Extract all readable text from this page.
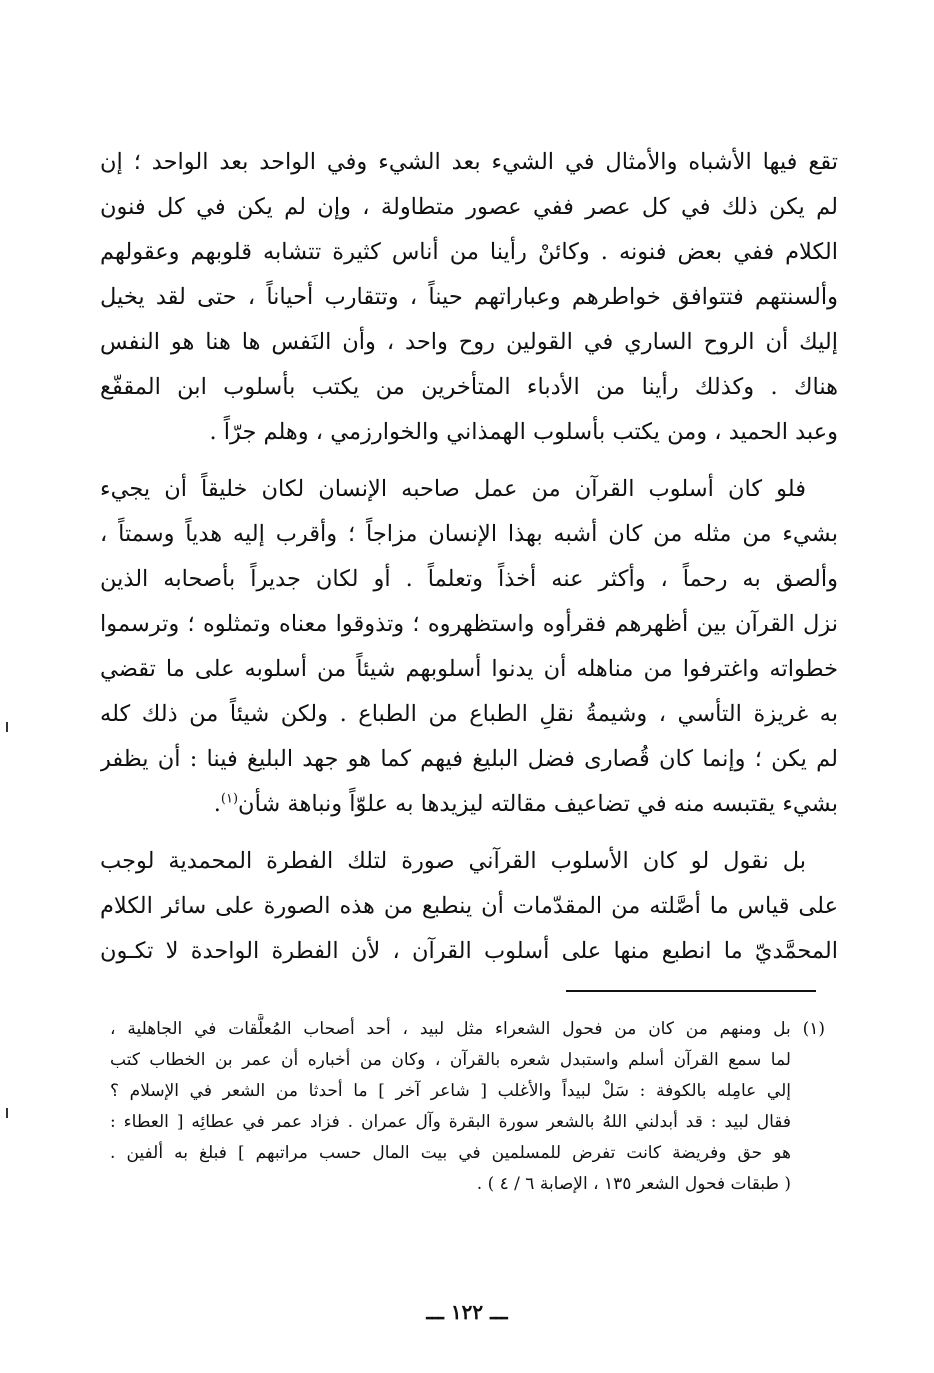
تقع فيها الأشباه والأمثال في الشيء بعد الشيء وفي الواحد بعد الواحد ؛ إن
لم يكن ذلك في كل عصر ففي عصور متطاولة ، وإن لم يكن في كل فنون
الكلام ففي بعض فنونه . وكائنْ رأينا من أناس كثيرة تتشابه قلوبهم وعقولهم
وألسنتهم فتتوافق خواطرهم وعباراتهم حيناً ، وتتقارب أحياناً ، حتى لقد يخيل
إليك أن الروح الساري في القولين روح واحد ، وأن النَفس ها هنا هو النفس
هناك . وكذلك رأينا من الأدباء المتأخرين من يكتب بأسلوب ابن المقفّع
وعبد الحميد ، ومن يكتب بأسلوب الهمذاني والخوارزمي ، وهلم جرّاً .

فلو كان أسلوب القرآن من عمل صاحبه الإنسان لكان خليقاً أن يجيء
بشيء من مثله من كان أشبه بهذا الإنسان مزاجاً ؛ وأقرب إليه هدياً وسمتاً ،
وألصق به رحماً ، وأكثر عنه أخذاً وتعلماً . أو لكان جديراً بأصحابه الذين
نزل القرآن بين أظهرهم فقرأوه واستظهروه ؛ وتذوقوا معناه وتمثلوه ؛ وترسموا
خطواته واغترفوا من مناهله أن يدنوا أسلوبهم شيئاً من أسلوبه على ما تقضي
به غريزة التأسي ، وشيمةُ نقلِ الطباع من الطباع . ولكن شيئاً من ذلك كله
لم يكن ؛ وإنما كان قُصارى فضل البليغ فيهم كما هو جهد البليغ فينا : أن يظفر
بشيء يقتبسه منه في تضاعيف مقالته ليزيدها به علوّاً ونباهة شأن$^{(١)}$.

بل نقول لو كان الأسلوب القرآني صورة لتلك الفطرة المحمدية لوجب
على قياس ما أصَّلته من المقدّمات أن ينطبع من هذه الصورة على سائر الكلام
المحمَّديّ ما انطبع منها على أسلوب القرآن ، لأن الفطرة الواحدة لا تكـون

(١) بل ومنهم من كان من فحول الشعراء مثل لبيد ، أحد أصحاب المُعلَّقات في الجاهلية ،
لما سمع القرآن أسلم واستبدل شعره بالقرآن ، وكان من أخباره أن عمر بن الخطاب كتب
إلي عامِله بالكوفة : سَلْ لبيداً والأغلب [ شاعر آخر ] ما أحدثا من الشعر في الإسلام ؟
فقال لبيد : قد أبدلني اللهُ بالشعر سورة البقرة وآل عمران . فزاد عمر في عطائِه [ العطاء :
هو حق وفريضة كانت تفرض للمسلمين في بيت المال حسب مراتبهم ] فبلغ به ألفين .
( طبقات فحول الشعر ١٣٥ ، الإصابة ٦ / ٤ ) .
ـــ ١٢٢ ـــ
